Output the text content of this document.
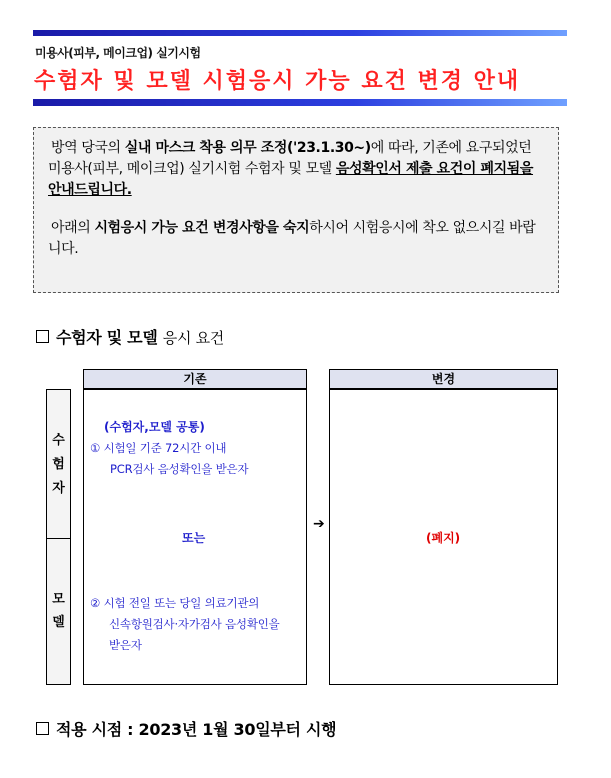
미용사(피부, 메이크업) 실기시험
수험자 및 모델 시험응시 가능 요건 변경 안내

방역 당국의 실내 마스크 착용 의무 조정('23.1.30~)에 따라, 기존에 요구되었던 미용사(피부, 메이크업) 실기시험 수험자 및 모델 음성확인서 제출 요건이 폐지됨을 안내드립니다.

아래의 시험응시 가능 요건 변경사항을 숙지하시어 시험응시에 착오 없으시길 바랍니다.

수험자 및 모델 응시 요건
기존	변경
수
험
자
모
델
(수험자,모델 공통)
① 시험일 기준 72시간 이내
PCR검사 음성확인을 받은자
또는
② 시험 전일 또는 당일 의료기관의
신속항원검사·자가검사 음성확인을
받은자
➔
(폐지)
적용 시점 : 2023년 1월 30일부터 시행
